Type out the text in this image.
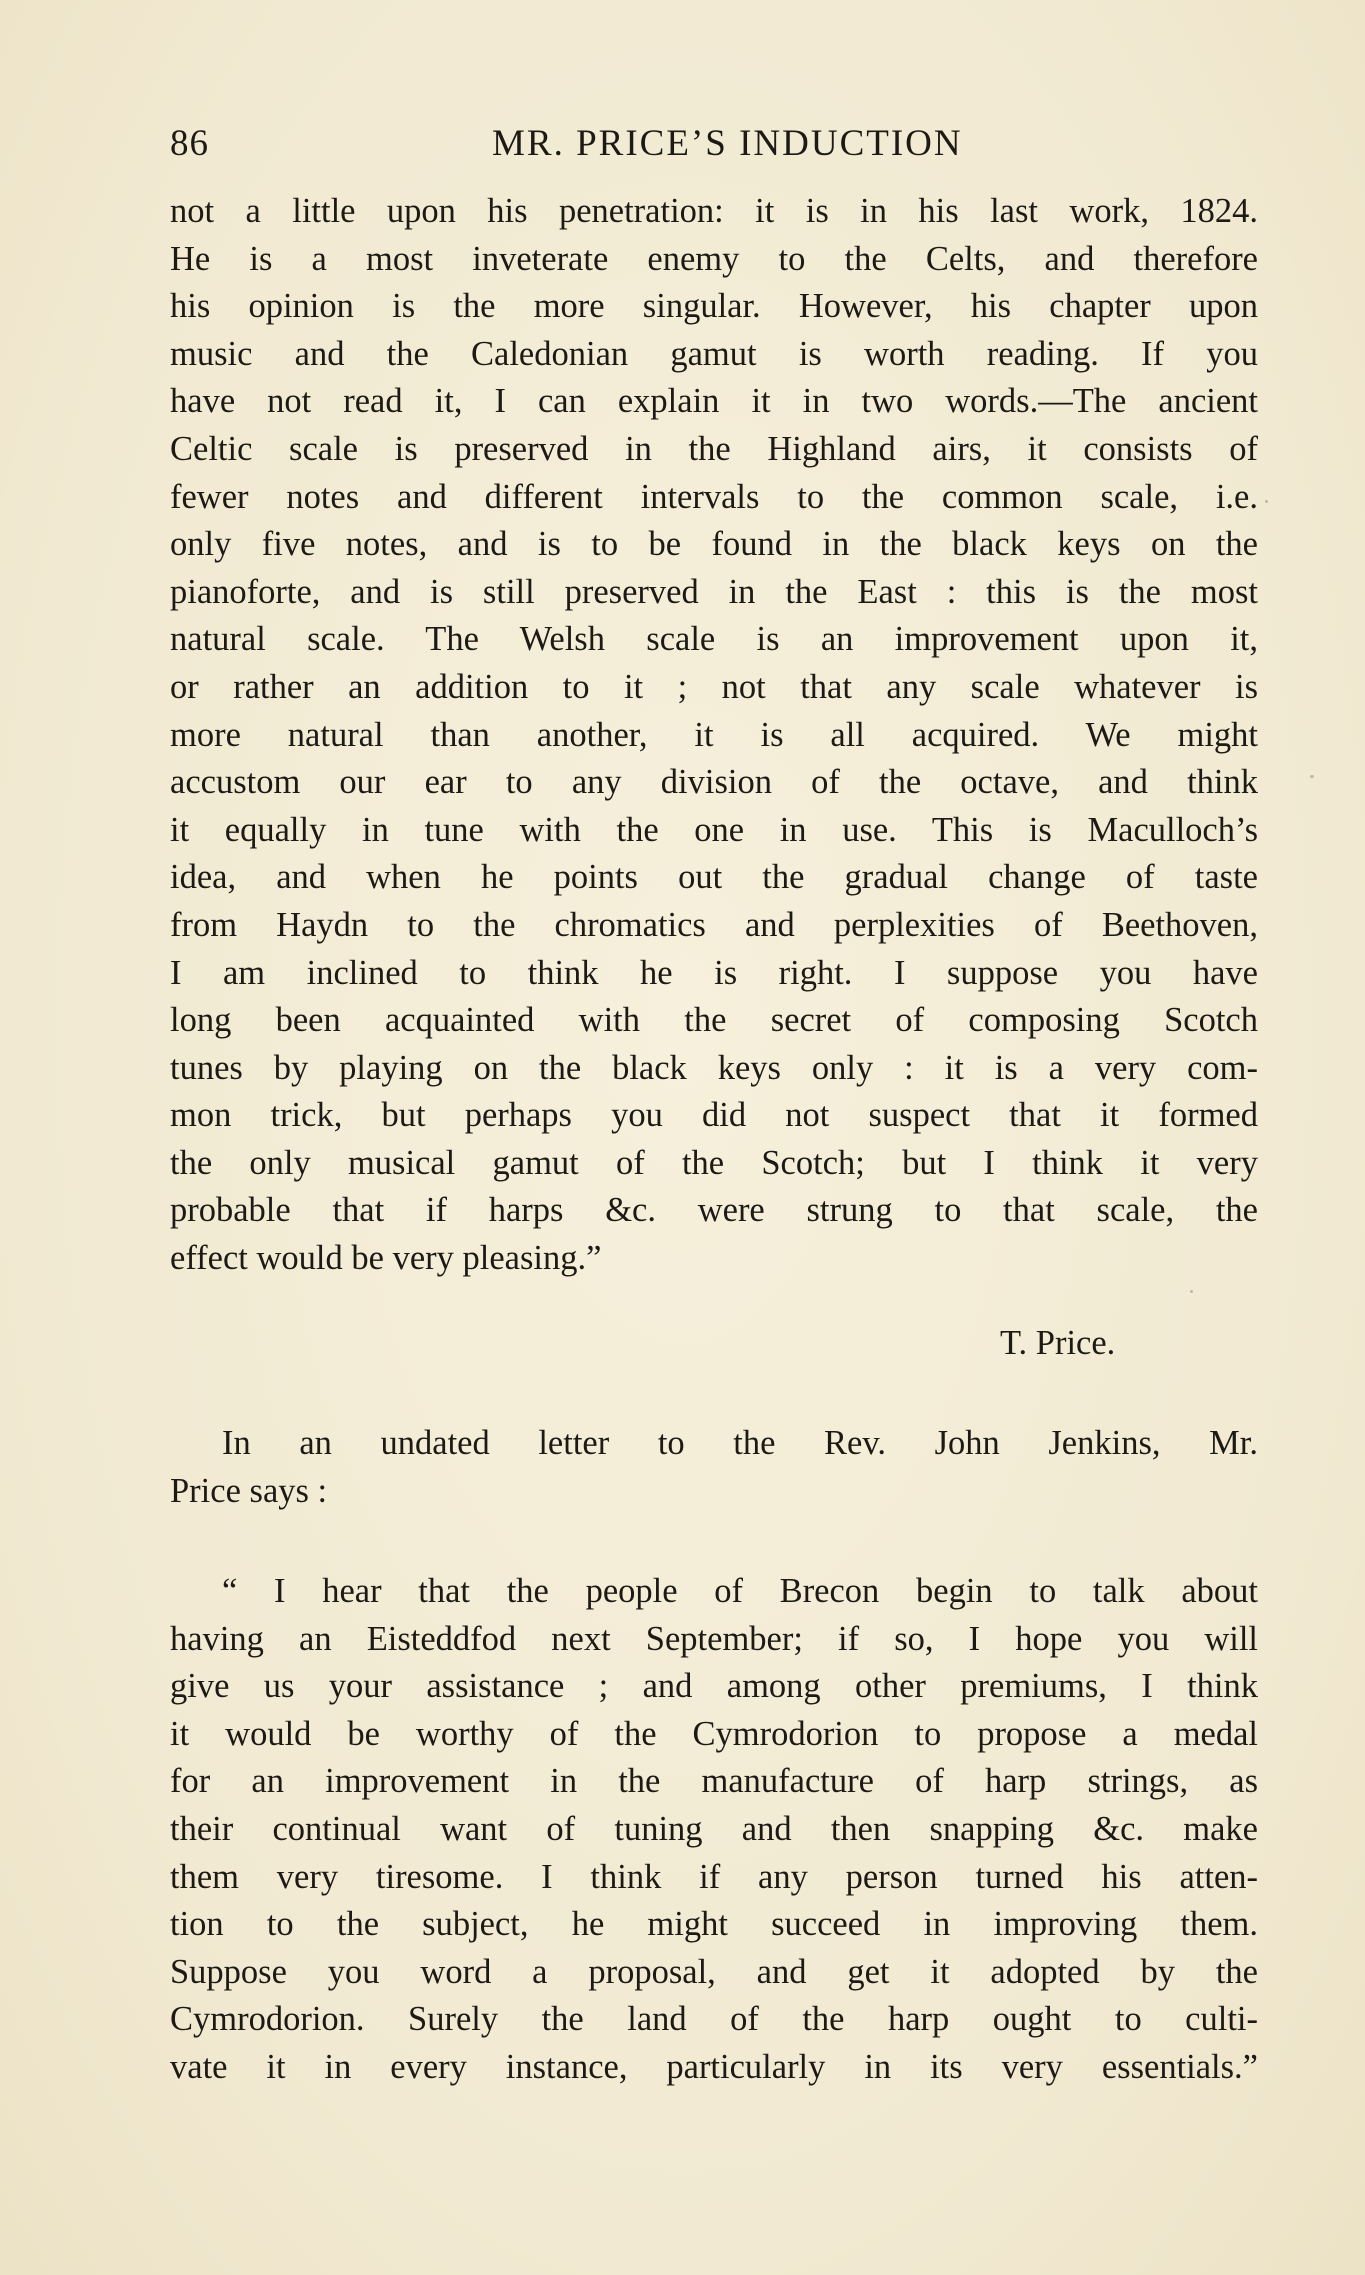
86	MR. PRICE’S INDUCTION
not a little upon his penetration: it is in his last work, 1824.
He is a most inveterate enemy to the Celts, and therefore
his opinion is the more singular. However, his chapter upon
music and the Caledonian gamut is worth reading. If you
have not read it, I can explain it in two words.—The ancient
Celtic scale is preserved in the Highland airs, it consists of
fewer notes and different intervals to the common scale, i.e.
only five notes, and is to be found in the black keys on the
pianoforte, and is still preserved in the East : this is the most
natural scale. The Welsh scale is an improvement upon it,
or rather an addition to it ; not that any scale whatever is
more natural than another, it is all acquired. We might
accustom our ear to any division of the octave, and think
it equally in tune with the one in use. This is Maculloch’s
idea, and when he points out the gradual change of taste
from Haydn to the chromatics and perplexities of Beethoven,
I am inclined to think he is right. I suppose you have
long been acquainted with the secret of composing Scotch
tunes by playing on the black keys only : it is a very com-
mon trick, but perhaps you did not suspect that it formed
the only musical gamut of the Scotch; but I think it very
probable that if harps &c. were strung to that scale, the
effect would be very pleasing.”
T. Price.
In an undated letter to the Rev. John Jenkins, Mr.
Price says :
“ I hear that the people of Brecon begin to talk about
having an Eisteddfod next September; if so, I hope you will
give us your assistance ; and among other premiums, I think
it would be worthy of the Cymrodorion to propose a medal
for an improvement in the manufacture of harp strings, as
their continual want of tuning and then snapping &c. make
them very tiresome. I think if any person turned his atten-
tion to the subject, he might succeed in improving them.
Suppose you word a proposal, and get it adopted by the
Cymrodorion. Surely the land of the harp ought to culti-
vate it in every instance, particularly in its very essentials.”
